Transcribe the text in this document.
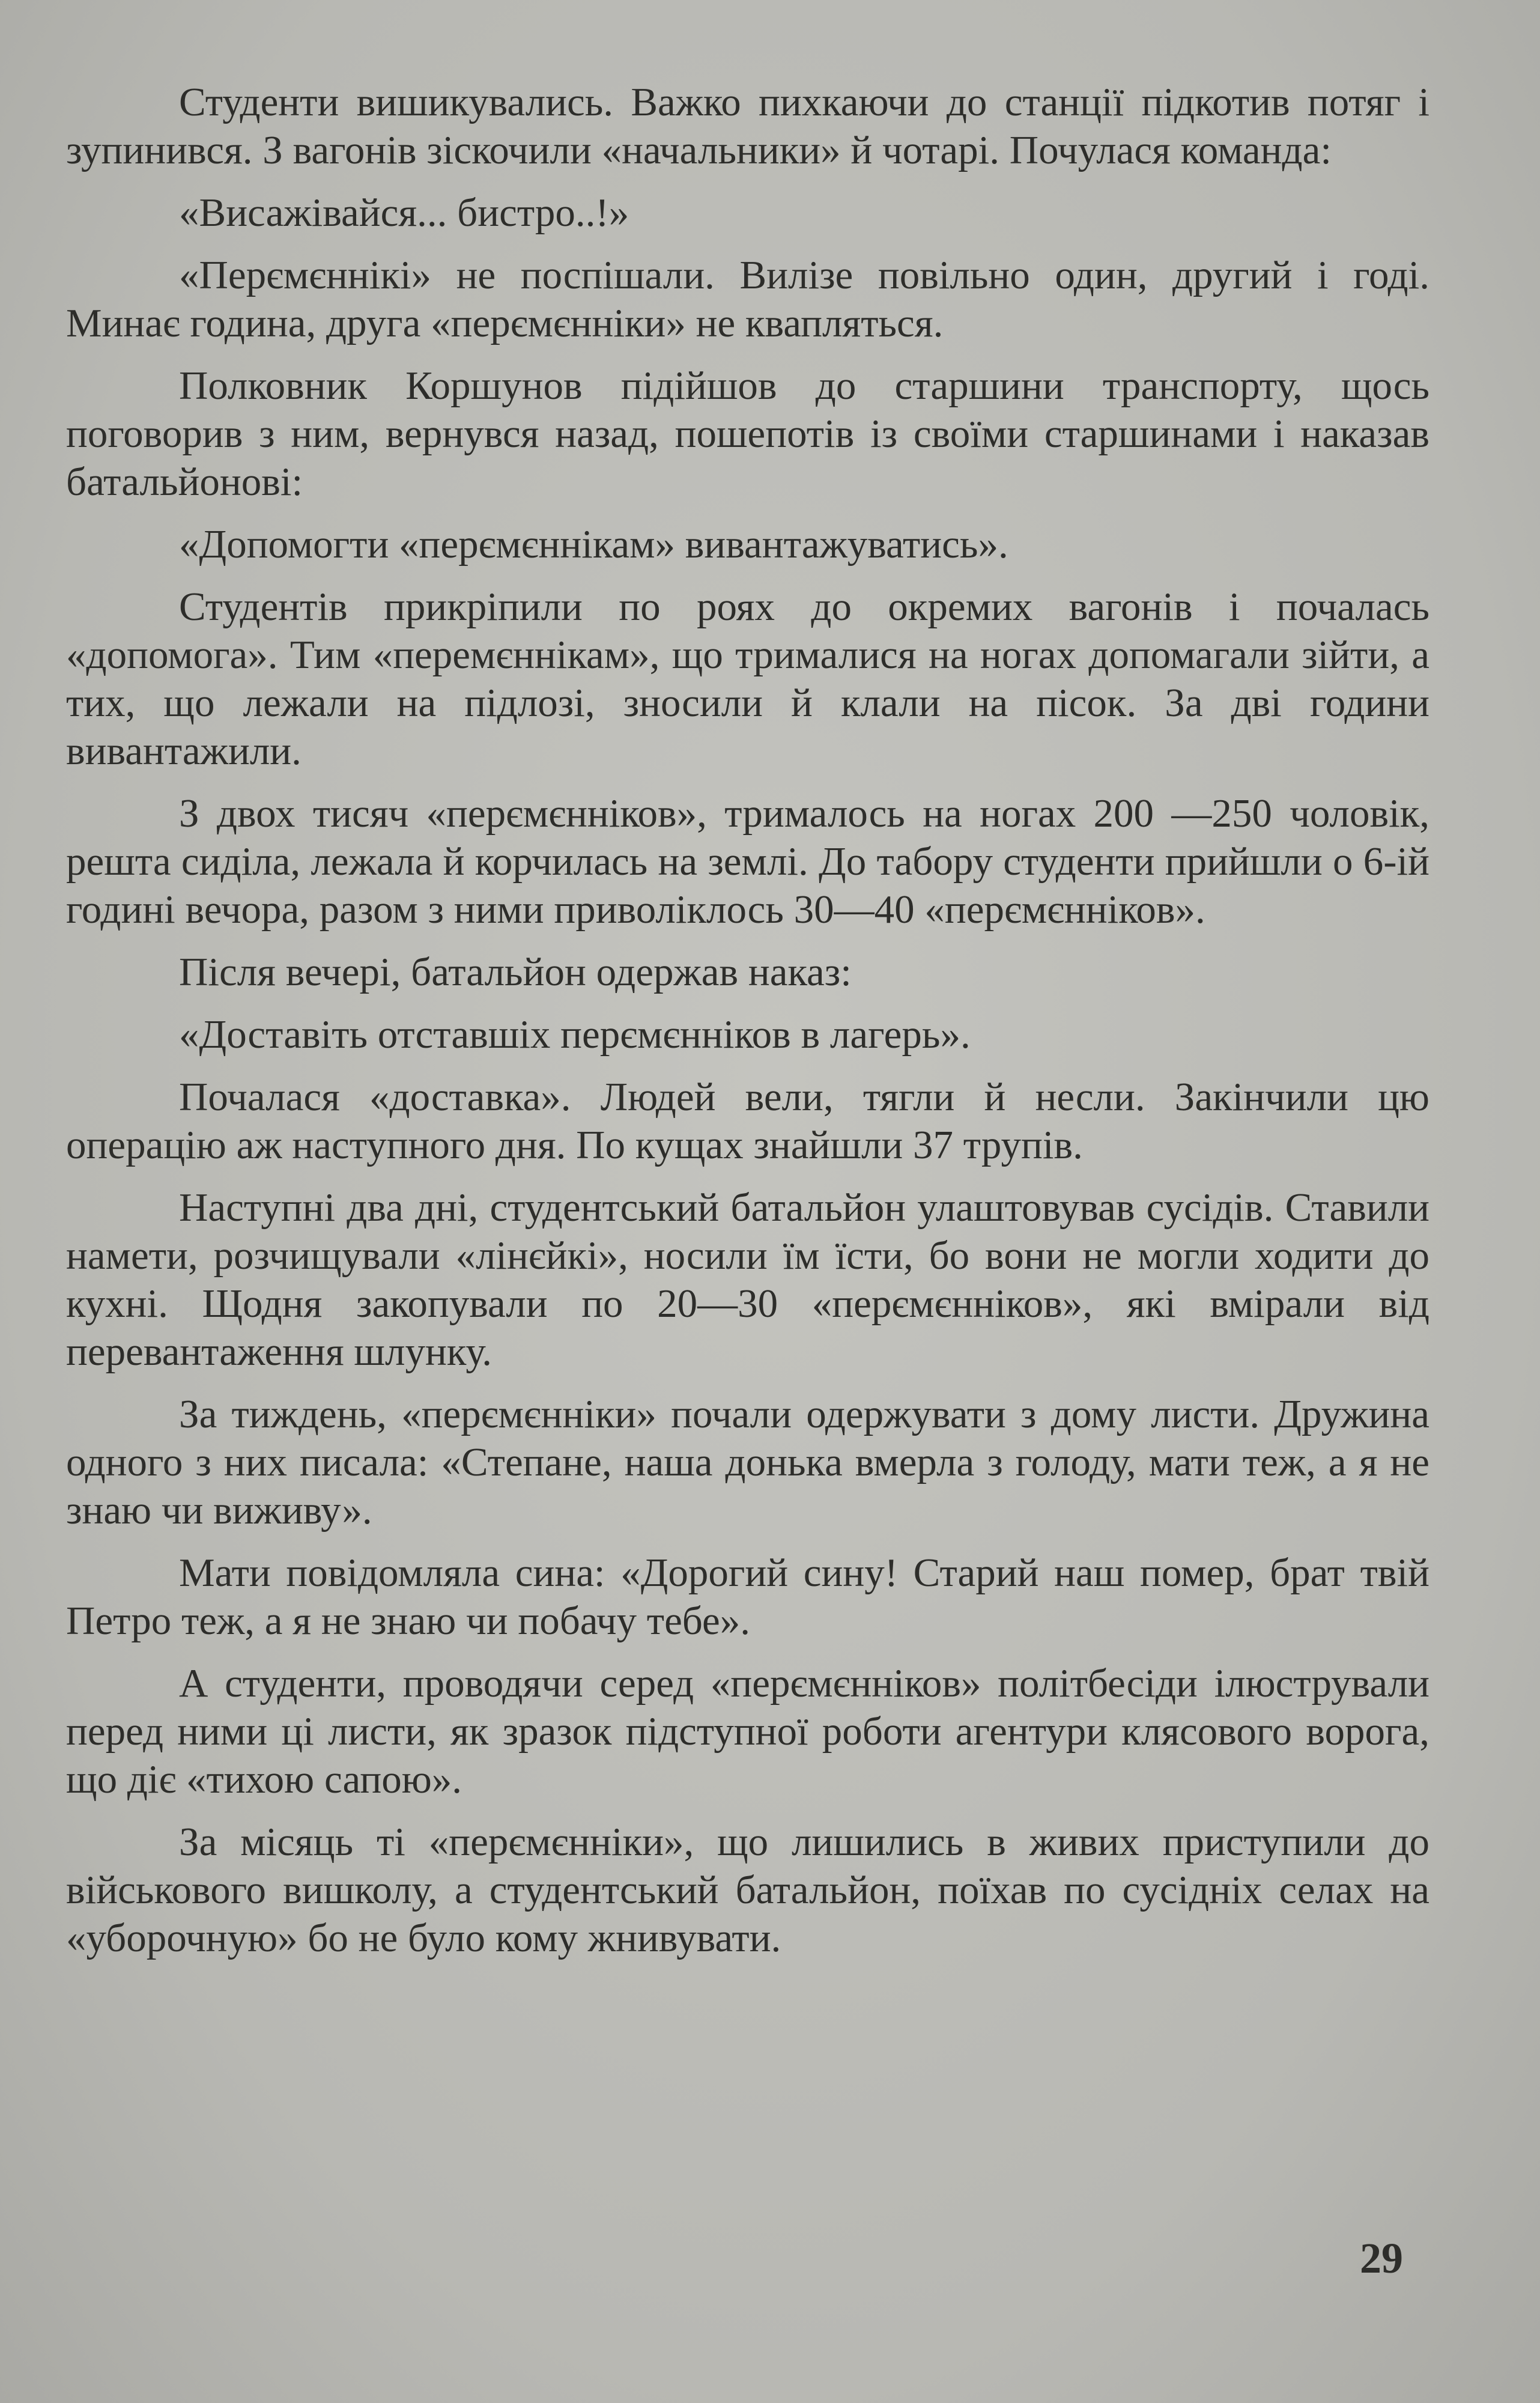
Студенти вишикувались. Важко пихкаючи до станції підкотив потяг і зупинився. З вагонів зіскочили «начальники» й чотарі. Почулася команда:

«Висажівайся... бистро..!»

«Перємєннікі» не поспішали. Вилізе повільно один, другий і годі. Минає година, друга «перємєнніки» не квапляться.

Полковник Коршунов підійшов до старшини транспорту, щось поговорив з ним, вернувся назад, пошепотів із своїми старшинами і наказав батальйонові:

«Допомогти «перємєннікам» вивантажуватись».

Студентів прикріпили по роях до окремих вагонів і почалась «допомога». Тим «перемєннікам», що трималися на ногах допомагали зійти, а тих, що лежали на підлозі, зносили й клали на пісок. За дві години вивантажили.

З двох тисяч «перємєнніков», трималось на ногах 200 —250 чоловік, решта сиділа, лежала й корчилась на землі. До табору студенти прийшли о 6-ій годині вечора, разом з ними приволіклось 30—40 «перємєнніков».

Після вечері, батальйон одержав наказ:

«Доставіть отставшіх перємєнніков в лагерь».

Почалася «доставка». Людей вели, тягли й несли. Закінчили цю операцію аж наступного дня. По кущах знайшли 37 трупів.

Наступні два дні, студентський батальйон улаштовував сусідів. Ставили намети, розчищували «лінєйкі», носили їм їсти, бо вони не могли ходити до кухні. Щодня закопували по 20—30 «перємєнніков», які вмірали від перевантаження шлунку.

За тиждень, «перємєнніки» почали одержувати з дому листи. Дружина одного з них писала: «Степане, наша донька вмерла з голоду, мати теж, а я не знаю чи виживу».

Мати повідомляла сина: «Дорогий сину! Старий наш помер, брат твій Петро теж, а я не знаю чи побачу тебе».

А студенти, проводячи серед «перємєнніков» політбесіди ілюстрували перед ними ці листи, як зразок підступної роботи агентури клясового ворога, що діє «тихою сапою».

За місяць ті «перємєнніки», що лишились в живих приступили до військового вишколу, а студентський батальйон, поїхав по сусідніх селах на «уборочную» бо не було кому жнивувати.

29
